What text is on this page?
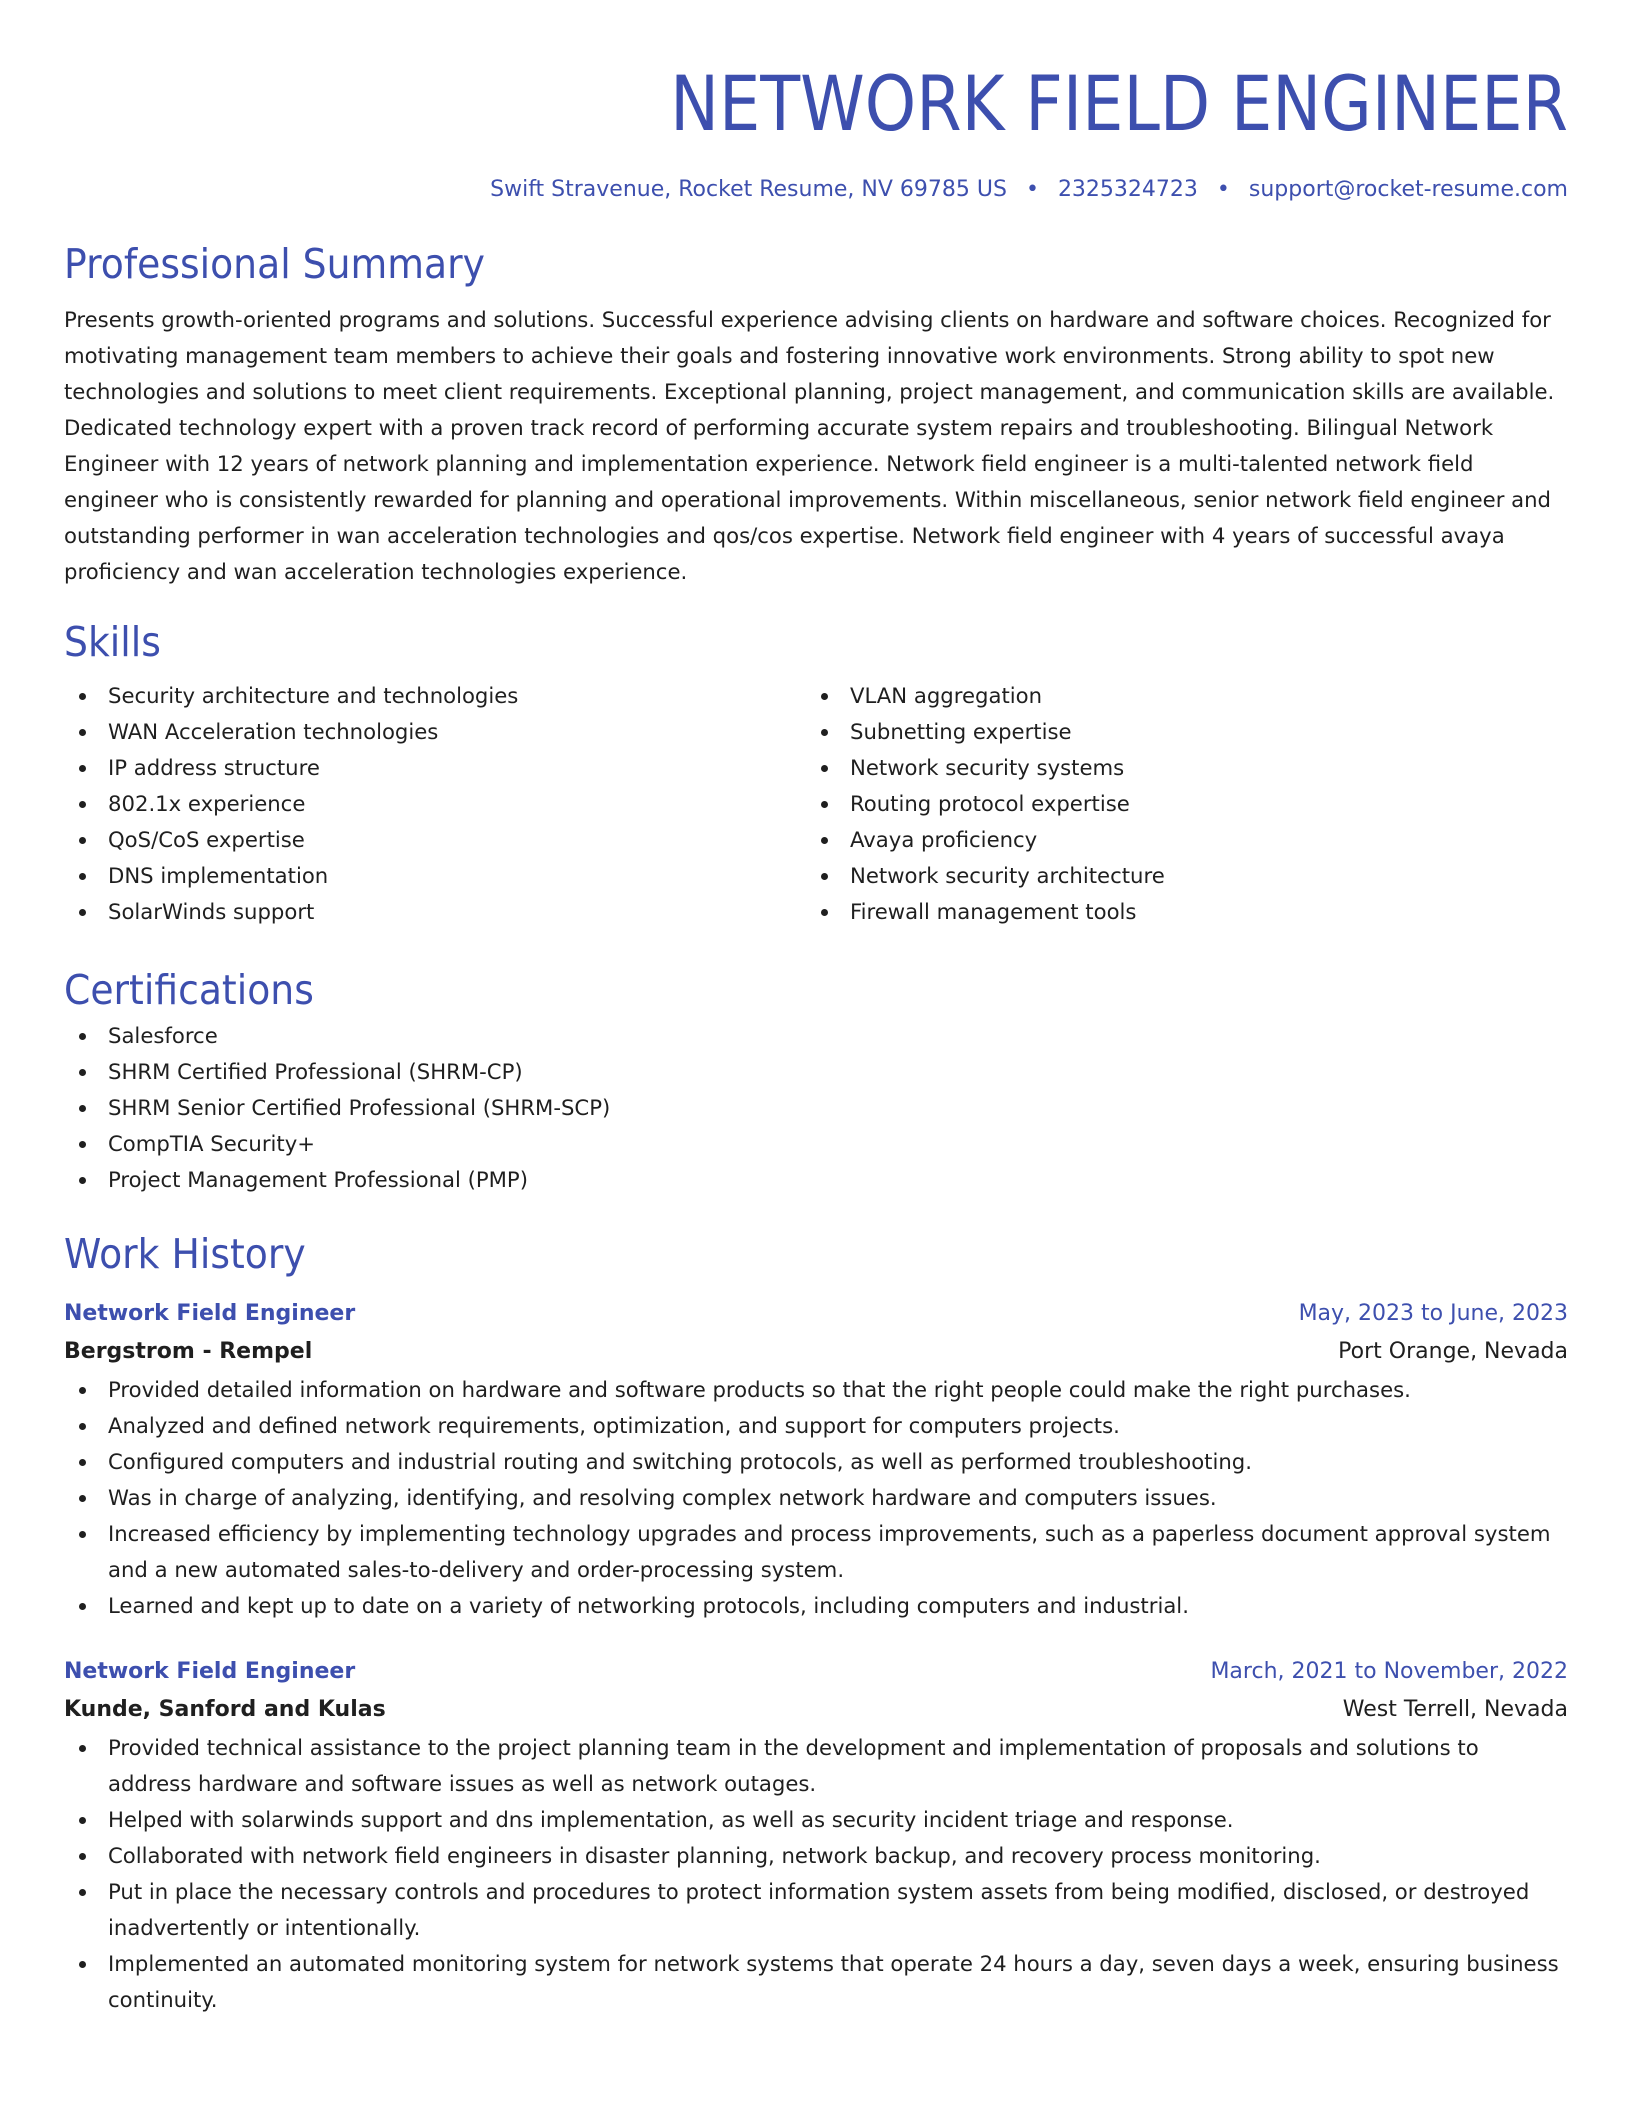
NETWORK FIELD ENGINEER
Swift Stravenue, Rocket Resume, NV 69785 US • 2325324723 • support@rocket-resume.com
Professional Summary

Presents growth-oriented programs and solutions. Successful experience advising clients on hardware and software choices. Recognized for motivating management team members to achieve their goals and fostering innovative work environments. Strong ability to spot new technologies and solutions to meet client requirements. Exceptional planning, project management, and communication skills are available. Dedicated technology expert with a proven track record of performing accurate system repairs and troubleshooting. Bilingual Network Engineer with 12 years of network planning and implementation experience. Network field engineer is a multi-talented network field engineer who is consistently rewarded for planning and operational improvements. Within miscellaneous, senior network field engineer and outstanding performer in wan acceleration technologies and qos/cos expertise. Network field engineer with 4 years of successful avaya proficiency and wan acceleration technologies experience.

Skills
Security architecture and technologies
WAN Acceleration technologies
IP address structure
802.1x experience
QoS/CoS expertise
DNS implementation
SolarWinds support
VLAN aggregation
Subnetting expertise
Network security systems
Routing protocol expertise
Avaya proficiency
Network security architecture
Firewall management tools
Certifications
Salesforce
SHRM Certified Professional (SHRM-CP)
SHRM Senior Certified Professional (SHRM-SCP)
CompTIA Security+
Project Management Professional (PMP)
Work History
Network Field Engineer	May, 2023 to June, 2023
Bergstrom - Rempel	Port Orange, Nevada
Provided detailed information on hardware and software products so that the right people could make the right purchases.
Analyzed and defined network requirements, optimization, and support for computers projects.
Configured computers and industrial routing and switching protocols, as well as performed troubleshooting.
Was in charge of analyzing, identifying, and resolving complex network hardware and computers issues.
Increased efficiency by implementing technology upgrades and process improvements, such as a paperless document approval system and a new automated sales-to-delivery and order-processing system.
Learned and kept up to date on a variety of networking protocols, including computers and industrial.
Network Field Engineer	March, 2021 to November, 2022
Kunde, Sanford and Kulas	West Terrell, Nevada
Provided technical assistance to the project planning team in the development and implementation of proposals and solutions to address hardware and software issues as well as network outages.
Helped with solarwinds support and dns implementation, as well as security incident triage and response.
Collaborated with network field engineers in disaster planning, network backup, and recovery process monitoring.
Put in place the necessary controls and procedures to protect information system assets from being modified, disclosed, or destroyed inadvertently or intentionally.
Implemented an automated monitoring system for network systems that operate 24 hours a day, seven days a week, ensuring business continuity.
